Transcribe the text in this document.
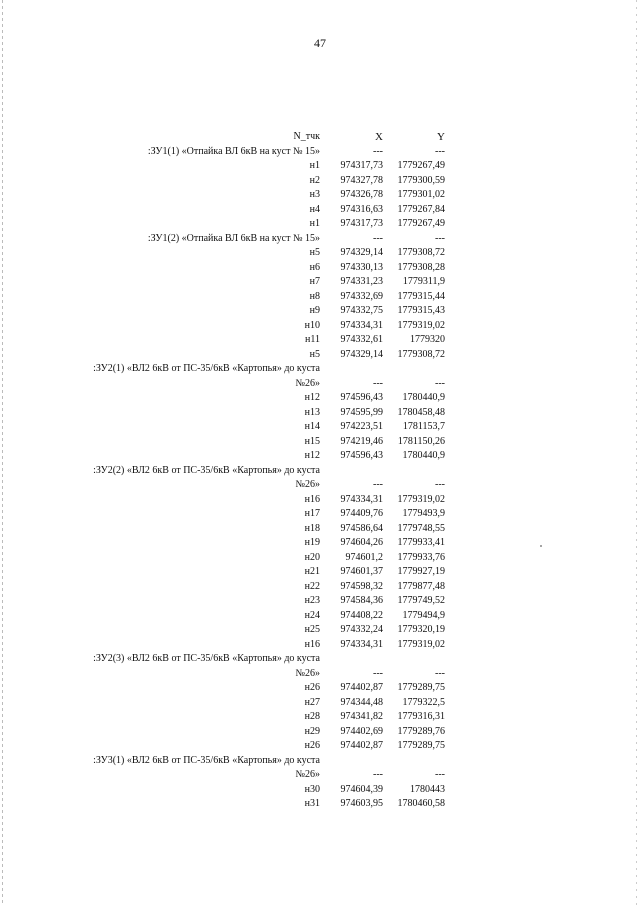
47
N_тчк	X	Y
:ЗУ1(1) «Отпайка ВЛ 6кВ на куст № 15»	---	---
н1	974317,73	1779267,49
н2	974327,78	1779300,59
н3	974326,78	1779301,02
н4	974316,63	1779267,84
н1	974317,73	1779267,49
:ЗУ1(2) «Отпайка ВЛ 6кВ на куст № 15»	---	---
н5	974329,14	1779308,72
н6	974330,13	1779308,28
н7	974331,23	1779311,9
н8	974332,69	1779315,44
н9	974332,75	1779315,43
н10	974334,31	1779319,02
н11	974332,61	1779320
н5	974329,14	1779308,72
:ЗУ2(1) «ВЛ2 6кВ от ПС-35/6кВ «Картопья» до куста
№26»	---	---
н12	974596,43	1780440,9
н13	974595,99	1780458,48
н14	974223,51	1781153,7
н15	974219,46	1781150,26
н12	974596,43	1780440,9
:ЗУ2(2) «ВЛ2 6кВ от ПС-35/6кВ «Картопья» до куста
№26»	---	---
н16	974334,31	1779319,02
н17	974409,76	1779493,9
н18	974586,64	1779748,55
н19	974604,26	1779933,41
н20	974601,2	1779933,76
н21	974601,37	1779927,19
н22	974598,32	1779877,48
н23	974584,36	1779749,52
н24	974408,22	1779494,9
н25	974332,24	1779320,19
н16	974334,31	1779319,02
:ЗУ2(3) «ВЛ2 6кВ от ПС-35/6кВ «Картопья» до куста
№26»	---	---
н26	974402,87	1779289,75
н27	974344,48	1779322,5
н28	974341,82	1779316,31
н29	974402,69	1779289,76
н26	974402,87	1779289,75
:ЗУ3(1) «ВЛ2 6кВ от ПС-35/6кВ «Картопья» до куста
№26»	---	---
н30	974604,39	1780443
н31	974603,95	1780460,58
